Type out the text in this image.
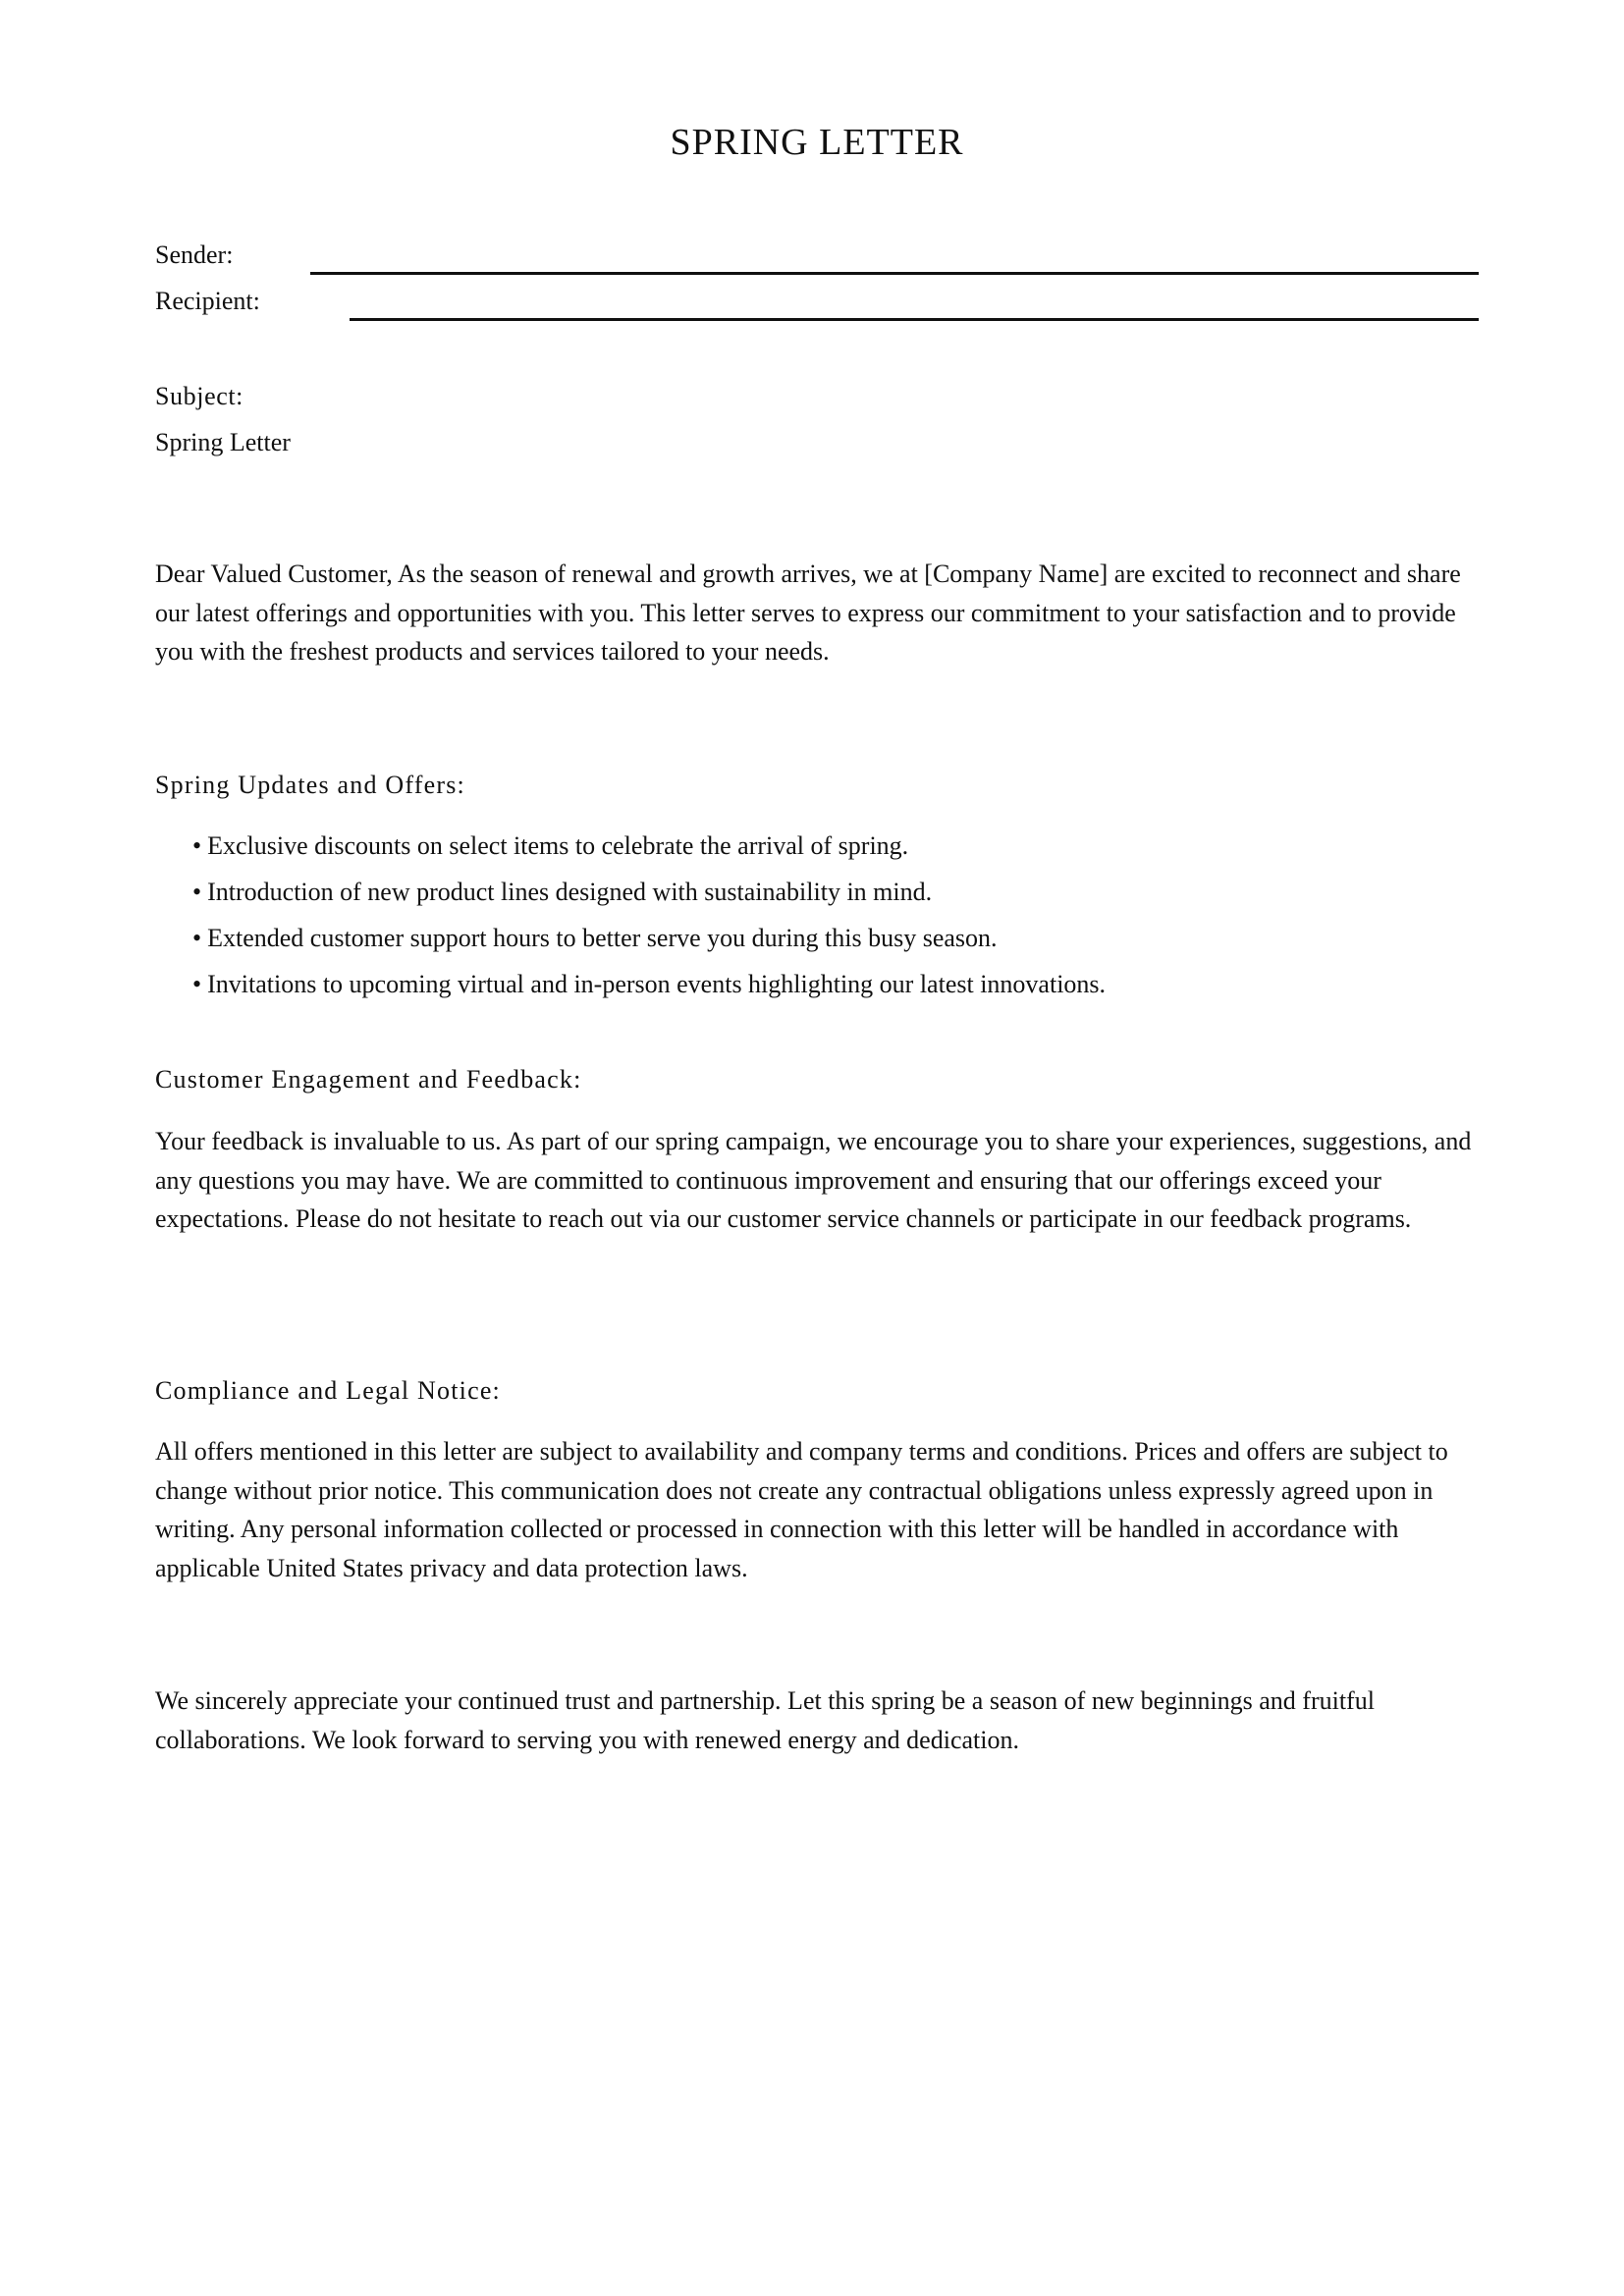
SPRING LETTER
Sender:
Recipient:
Subject:
Spring Letter

Dear Valued Customer, As the season of renewal and growth arrives, we at [Company Name] are excited to reconnect and share our latest offerings and opportunities with you. This letter serves to express our commitment to your satisfaction and to provide you with the freshest products and services tailored to your needs.

Spring Updates and Offers:
• Exclusive discounts on select items to celebrate the arrival of spring.
• Introduction of new product lines designed with sustainability in mind.
• Extended customer support hours to better serve you during this busy season.
• Invitations to upcoming virtual and in-person events highlighting our latest innovations.
Customer Engagement and Feedback:

Your feedback is invaluable to us. As part of our spring campaign, we encourage you to share your experiences, suggestions, and any questions you may have. We are committed to continuous improvement and ensuring that our offerings exceed your expectations. Please do not hesitate to reach out via our customer service channels or participate in our feedback programs.

Compliance and Legal Notice:

All offers mentioned in this letter are subject to availability and company terms and conditions. Prices and offers are subject to change without prior notice. This communication does not create any contractual obligations unless expressly agreed upon in writing. Any personal information collected or processed in connection with this letter will be handled in accordance with applicable United States privacy and data protection laws.

We sincerely appreciate your continued trust and partnership. Let this spring be a season of new beginnings and fruitful collaborations. We look forward to serving you with renewed energy and dedication.
